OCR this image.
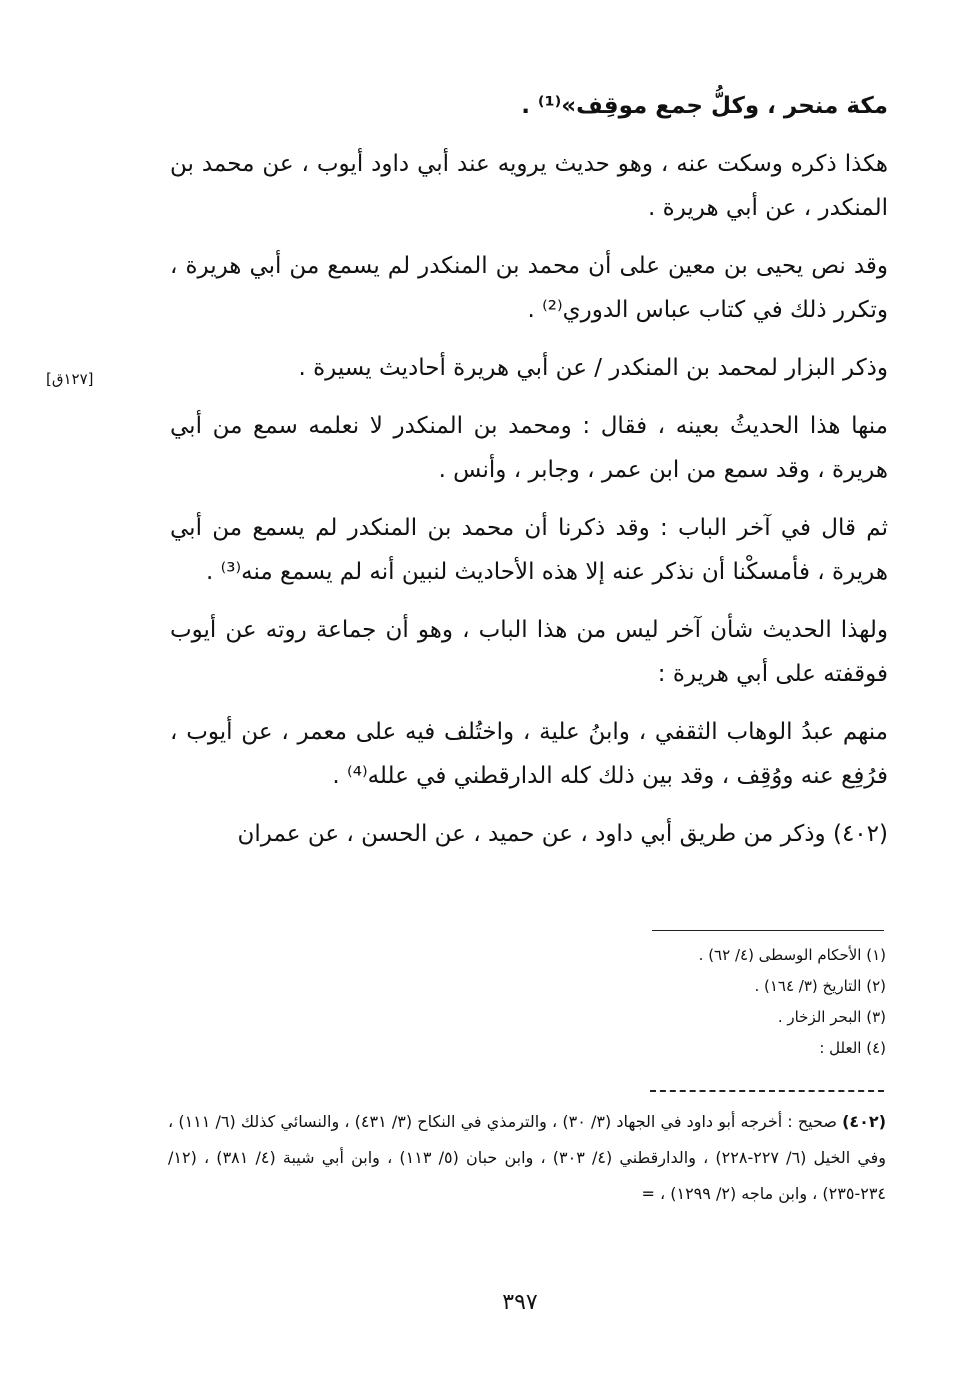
مكة منحر ، وكلُّ جمع موقِف»⁽¹⁾ .

هكذا ذكره وسكت عنه ، وهو حديث يرويه عند أبي داود أيوب ، عن محمد بن المنكدر ، عن أبي هريرة .

وقد نص يحيى بن معين على أن محمد بن المنكدر لم يسمع من أبي هريرة ، وتكرر ذلك في كتاب عباس الدوري⁽²⁾ .

وذكر البزار لمحمد بن المنكدر / عن أبي هريرة أحاديث يسيرة .

منها هذا الحديثُ بعينه ، فقال : ومحمد بن المنكدر لا نعلمه سمع من أبي هريرة ، وقد سمع من ابن عمر ، وجابر ، وأنس .

ثم قال في آخر الباب : وقد ذكرنا أن محمد بن المنكدر لم يسمع من أبي هريرة ، فأمسكْنا أن نذكر عنه إلا هذه الأحاديث لنبين أنه لم يسمع منه⁽³⁾ .

ولهذا الحديث شأن آخر ليس من هذا الباب ، وهو أن جماعة روته عن أيوب فوقفته على أبي هريرة :

منهم عبدُ الوهاب الثقفي ، وابنُ علية ، واختُلف فيه على معمر ، عن أيوب ، فرُفِع عنه ووُقِف ، وقد بين ذلك كله الدارقطني في علله⁽⁴⁾ .

(٤٠٢) وذكر من طريق أبي داود ، عن حميد ، عن الحسن ، عن عمران

[١٢٧ق]
(١) الأحكام الوسطى (٤/ ٦٢) .
(٢) التاريخ (٣/ ١٦٤) .
(٣) البحر الزخار .
(٤) العلل :
(٤٠٢) صحيح : أخرجه أبو داود في الجهاد (٣/ ٣٠) ، والترمذي في النكاح (٣/ ٤٣١) ، والنسائي كذلك (٦/ ١١١) ، وفي الخيل (٦/ ٢٢٧-٢٢٨) ، والدارقطني (٤/ ٣٠٣) ، وابن حبان (٥/ ١١٣) ، وابن أبي شيبة (٤/ ٣٨١) ، (١٢/ ٢٣٤-٢٣٥) ، وابن ماجه (٢/ ١٢٩٩) ، =
٣٩٧
